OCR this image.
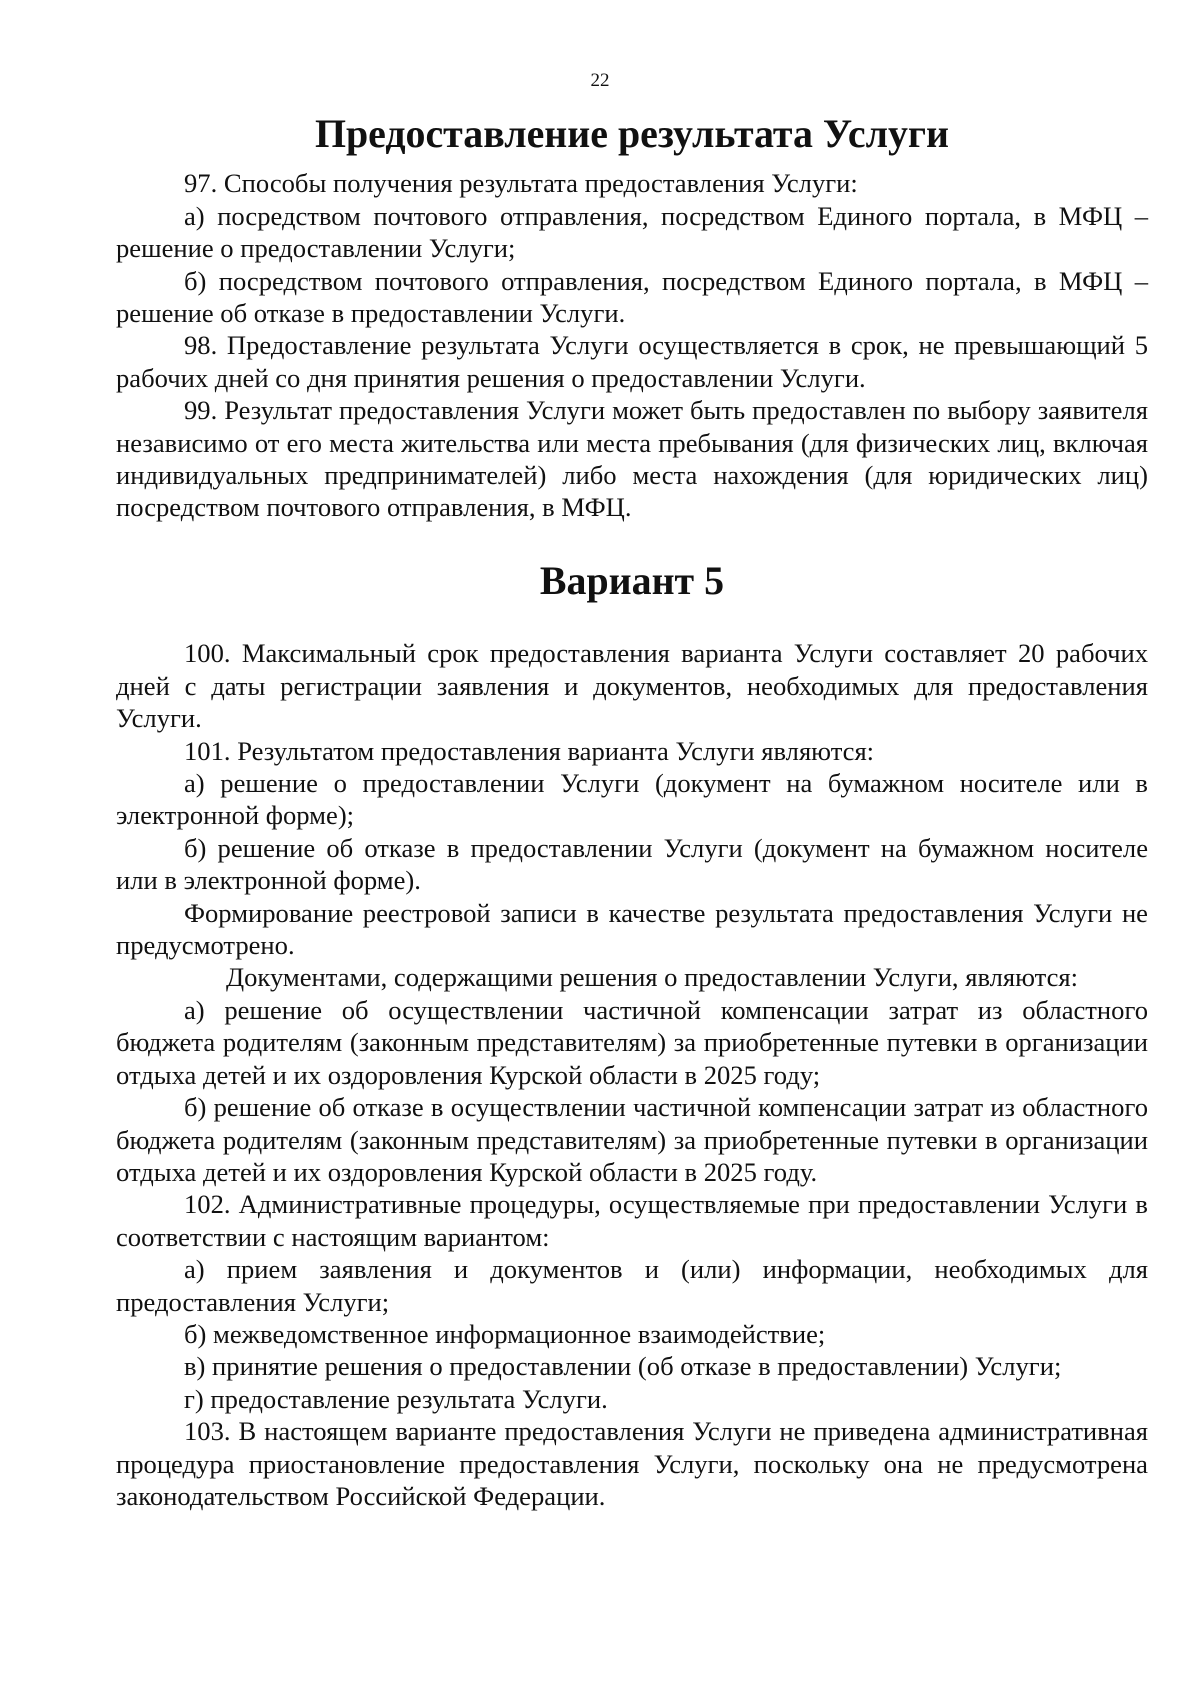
22
Предоставление результата Услуги

97. Способы получения результата предоставления Услуги:

а) посредством почтового отправления, посредством Единого портала, в МФЦ – решение о предоставлении Услуги;

б) посредством почтового отправления, посредством Единого портала, в МФЦ – решение об отказе в предоставлении Услуги.

98. Предоставление результата Услуги осуществляется в срок, не превышающий 5 рабочих дней со дня принятия решения о предоставлении Услуги.

99. Результат предоставления Услуги может быть предоставлен по выбору заявителя независимо от его места жительства или места пребывания (для физических лиц, включая индивидуальных предпринимателей) либо места нахождения (для юридических лиц) посредством почтового отправления, в МФЦ.

Вариант 5

100. Максимальный срок предоставления варианта Услуги составляет 20 рабочих дней с даты регистрации заявления и документов, необходимых для предоставления Услуги.

101. Результатом предоставления варианта Услуги являются:

а) решение о предоставлении Услуги (документ на бумажном носителе или в электронной форме);

б) решение об отказе в предоставлении Услуги (документ на бумажном носителе или в электронной форме).

Формирование реестровой записи в качестве результата предоставления Услуги не предусмотрено.

Документами, содержащими решения о предоставлении Услуги, являются:

а) решение об осуществлении частичной компенсации затрат из областного бюджета родителям (законным представителям) за приобретенные путевки в организации отдыха детей и их оздоровления Курской области в 2025 году;

б) решение об отказе в осуществлении частичной компенсации затрат из областного бюджета родителям (законным представителям) за приобретенные путевки в организации отдыха детей и их оздоровления Курской области в 2025 году.

102. Административные процедуры, осуществляемые при предоставлении Услуги в соответствии с настоящим вариантом:

а) прием заявления и документов и (или) информации, необходимых для предоставления Услуги;

б) межведомственное информационное взаимодействие;

в) принятие решения о предоставлении (об отказе в предоставлении) Услуги;

г) предоставление результата Услуги.

103. В настоящем варианте предоставления Услуги не приведена административная процедура приостановление предоставления Услуги, поскольку она не предусмотрена законодательством Российской Федерации.
